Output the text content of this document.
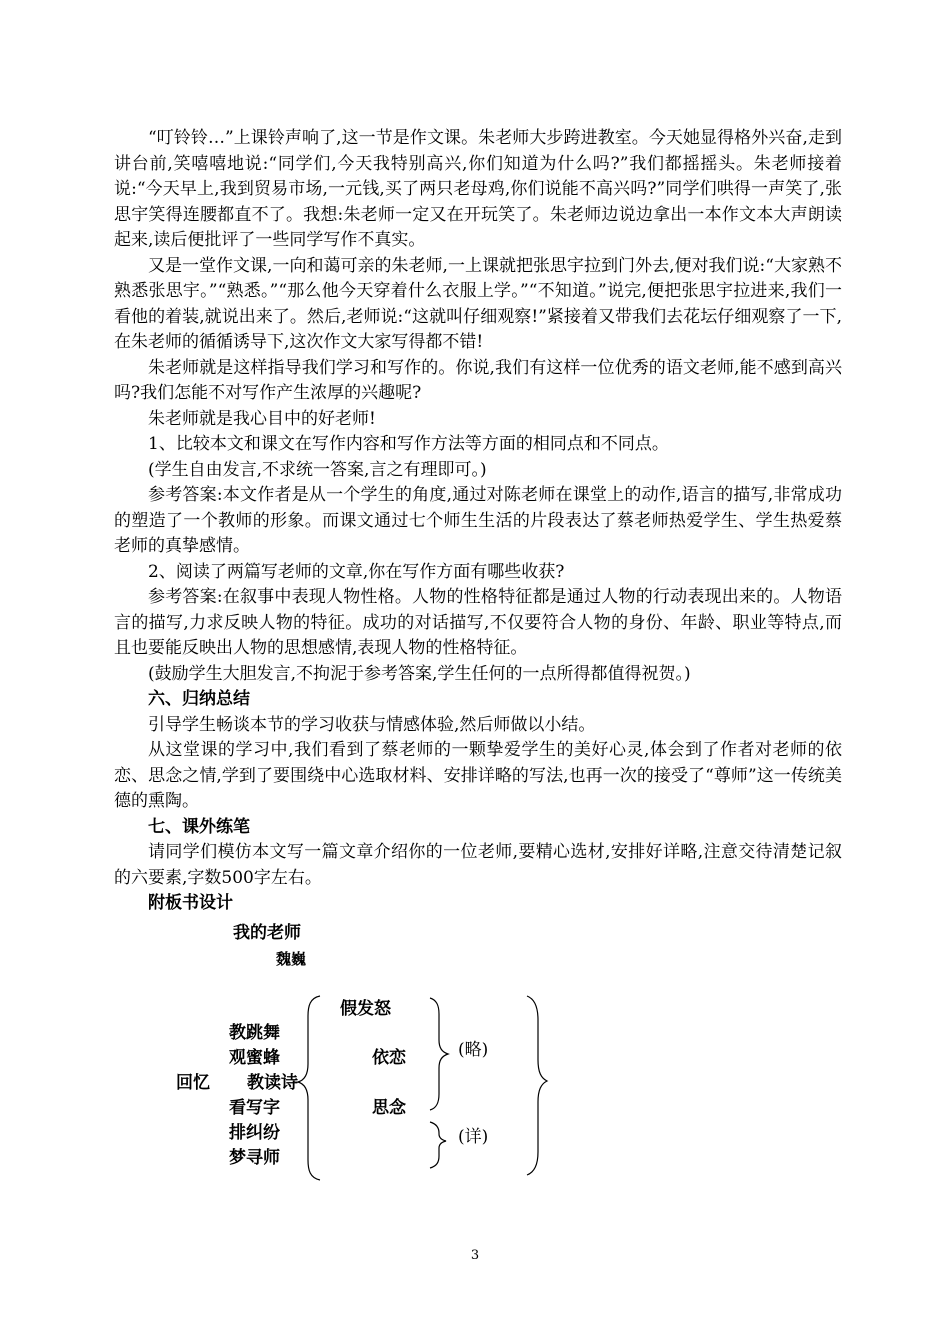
“叮铃铃…”上课铃声响了,这一节是作文课。朱老师大步跨进教室。今天她显得格外兴奋,走到讲台前,笑嘻嘻地说:“同学们,今天我特别高兴,你们知道为什么吗?”我们都摇摇头。朱老师接着说:“今天早上,我到贸易市场,一元钱,买了两只老母鸡,你们说能不高兴吗?”同学们哄得一声笑了,张思宇笑得连腰都直不了。我想:朱老师一定又在开玩笑了。朱老师边说边拿出一本作文本大声朗读起来,读后便批评了一些同学写作不真实。

又是一堂作文课,一向和蔼可亲的朱老师,一上课就把张思宇拉到门外去,便对我们说:“大家熟不熟悉张思宇。”“熟悉。”“那么他今天穿着什么衣服上学。”“不知道。”说完,便把张思宇拉进来,我们一看他的着装,就说出来了。然后,老师说:“这就叫仔细观察!”紧接着又带我们去花坛仔细观察了一下,在朱老师的循循诱导下,这次作文大家写得都不错!

朱老师就是这样指导我们学习和写作的。你说,我们有这样一位优秀的语文老师,能不感到高兴吗?我们怎能不对写作产生浓厚的兴趣呢?

朱老师就是我心目中的好老师!

1、比较本文和课文在写作内容和写作方法等方面的相同点和不同点。

(学生自由发言,不求统一答案,言之有理即可。)

参考答案:本文作者是从一个学生的角度,通过对陈老师在课堂上的动作,语言的描写,非常成功的塑造了一个教师的形象。而课文通过七个师生生活的片段表达了蔡老师热爱学生、学生热爱蔡老师的真挚感情。

2、阅读了两篇写老师的文章,你在写作方面有哪些收获?

参考答案:在叙事中表现人物性格。人物的性格特征都是通过人物的行动表现出来的。人物语言的描写,力求反映人物的特征。成功的对话描写,不仅要符合人物的身份、年龄、职业等特点,而且也要能反映出人物的思想感情,表现人物的性格特征。

(鼓励学生大胆发言,不拘泥于参考答案,学生任何的一点所得都值得祝贺。)

六、归纳总结

引导学生畅谈本节的学习收获与情感体验,然后师做以小结。

从这堂课的学习中,我们看到了蔡老师的一颗挚爱学生的美好心灵,体会到了作者对老师的依恋、思念之情,学到了要围绕中心选取材料、安排详略的写法,也再一次的接受了“尊师”这一传统美德的熏陶。

七、课外练笔

请同学们模仿本文写一篇文章介绍你的一位老师,要精心选材,安排好详略,注意交待清楚记叙的六要素,字数500字左右。

附板书设计

我的老师
魏巍
假发怒
教跳舞
观蜜蜂	依恋	(略)
回忆 教读诗
看写字	思念
排纠纷	(详)
梦寻师
3
